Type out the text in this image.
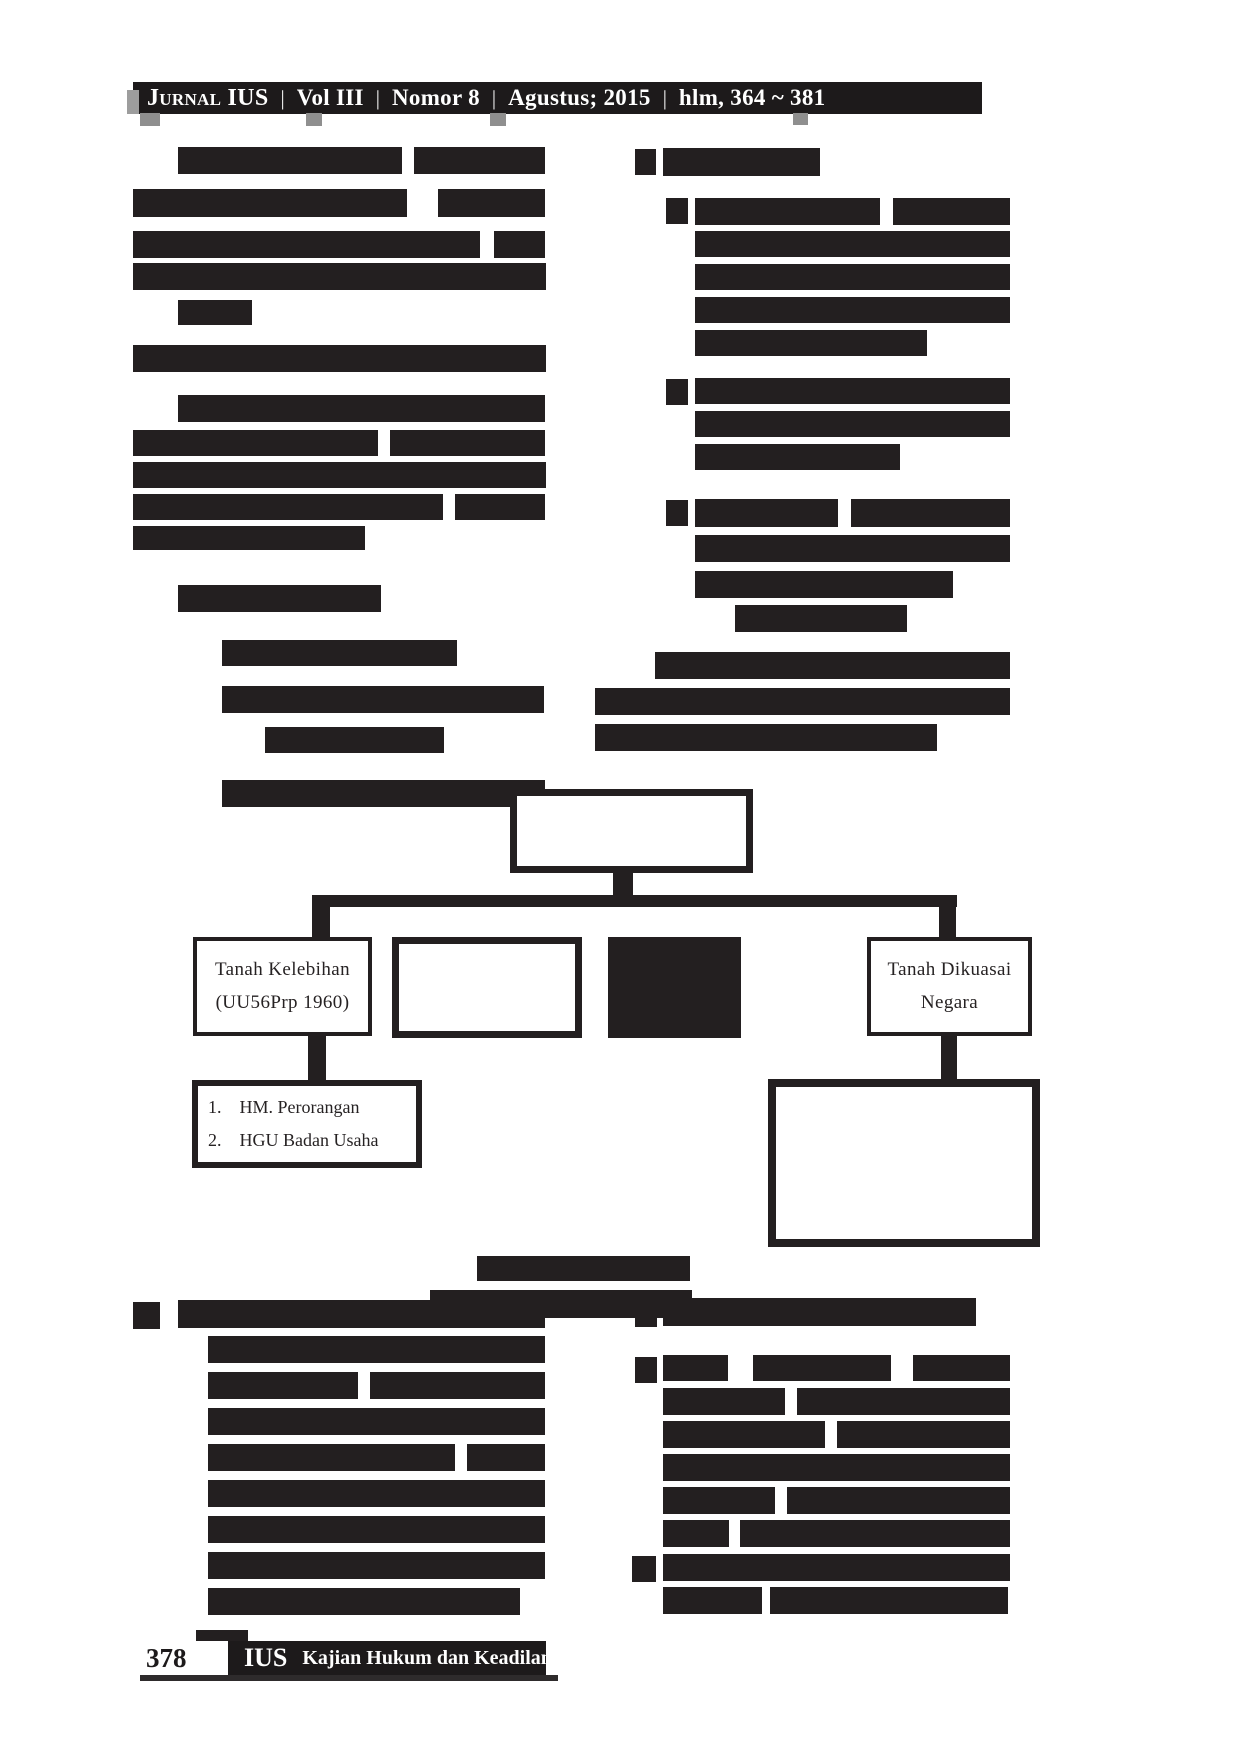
Jurnal IUS | Vol III | Nomor 8 | Agustus; 2015 | hlm, 364 ~ 381
Tanah Kelebihan
(UU56Prp 1960)
Tanah Dikuasai
Negara
1. HM. Perorangan
2. HGU Badan Usaha
378	IUS Kajian Hukum dan Keadilan
